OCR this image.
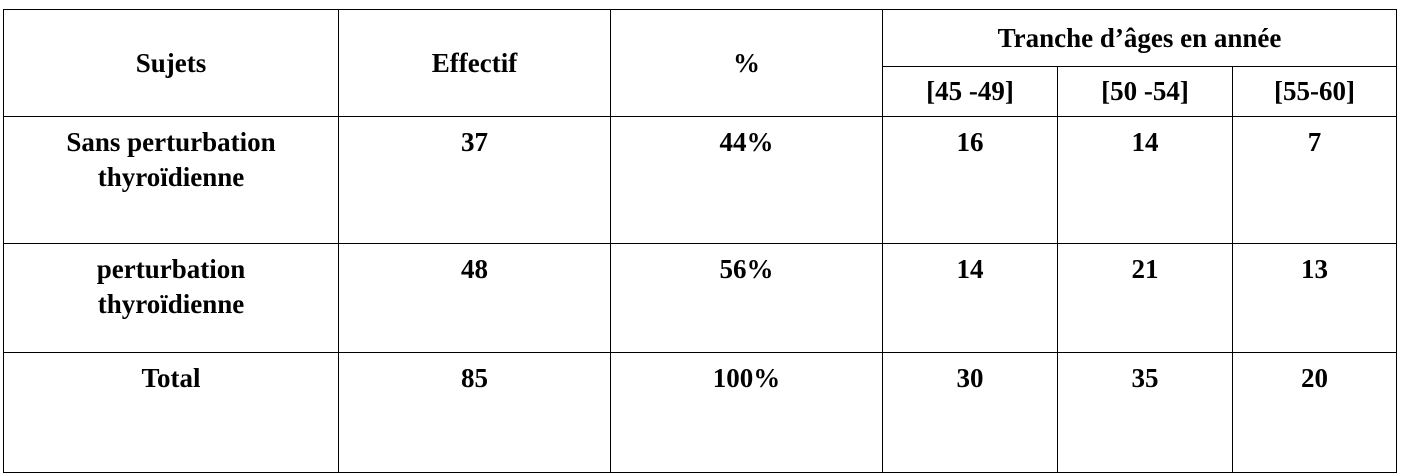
Sujets	Effectif	%	Tranche d’âges en année		
			[45 -49]	[50 -54]	[55-60]

Sans perturbation
thyroïdienne	37	44%	16	14	7

perturbation
thyroïdienne	48	56%	14	21	13

Total	85	100%	30	35	20
